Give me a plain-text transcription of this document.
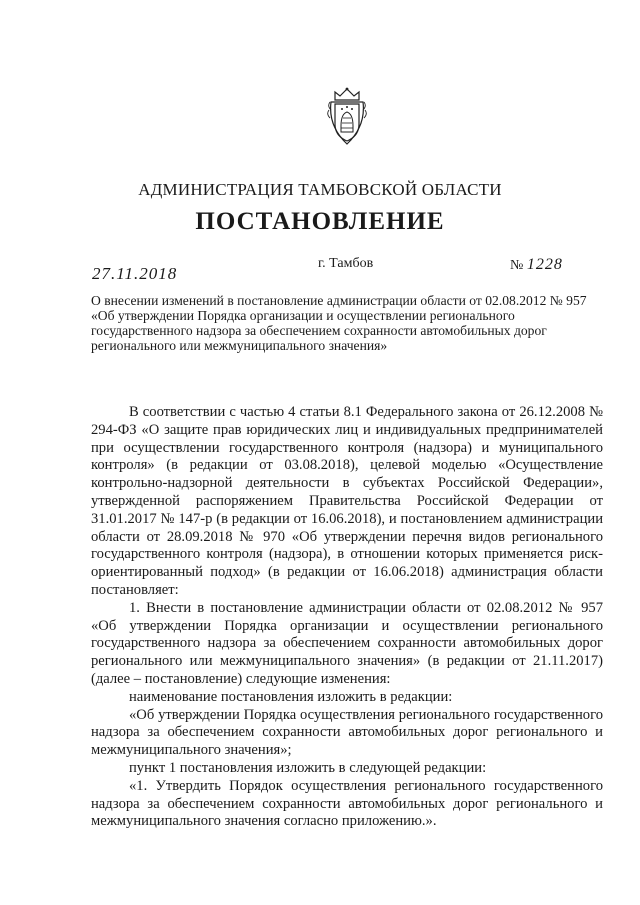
АДМИНИСТРАЦИЯ ТАМБОВСКОЙ ОБЛАСТИ
ПОСТАНОВЛЕНИЕ
27.11.2018
г. Тамбов	№ 1228
О внесении изменений в постановление администрации области от 02.08.2012 № 957 «Об утверждении Порядка организации и осуществлении регионального государственного надзора за обеспечением сохранности автомобильных дорог регионального или межмуниципального значения»

В соответствии с частью 4 статьи 8.1 Федерального закона от 26.12.2008 № 294-ФЗ «О защите прав юридических лиц и индивидуальных предпринимателей при осуществлении государственного контроля (надзора) и муниципального контроля» (в редакции от 03.08.2018), целевой моделью «Осуществление контрольно-надзорной деятельности в субъектах Российской Федерации», утвержденной распоряжением Правительства Российской Федерации от 31.01.2017 № 147-р (в редакции от 16.06.2018), и постановлением администрации области от 28.09.2018 № 970 «Об утверждении перечня видов регионального государственного контроля (надзора), в отношении которых применяется риск-ориентированный подход» (в редакции от 16.06.2018) администрация области постановляет:

1. Внести в постановление администрации области от 02.08.2012 № 957 «Об утверждении Порядка организации и осуществлении регионального государственного надзора за обеспечением сохранности автомобильных дорог регионального или межмуниципального значения» (в редакции от 21.11.2017) (далее – постановление) следующие изменения:

наименование постановления изложить в редакции:

«Об утверждении Порядка осуществления регионального государственного надзора за обеспечением сохранности автомобильных дорог регионального и межмуниципального значения»;

пункт 1 постановления изложить в следующей редакции:

«1. Утвердить Порядок осуществления регионального государственного надзора за обеспечением сохранности автомобильных дорог регионального и межмуниципального значения согласно приложению.».
